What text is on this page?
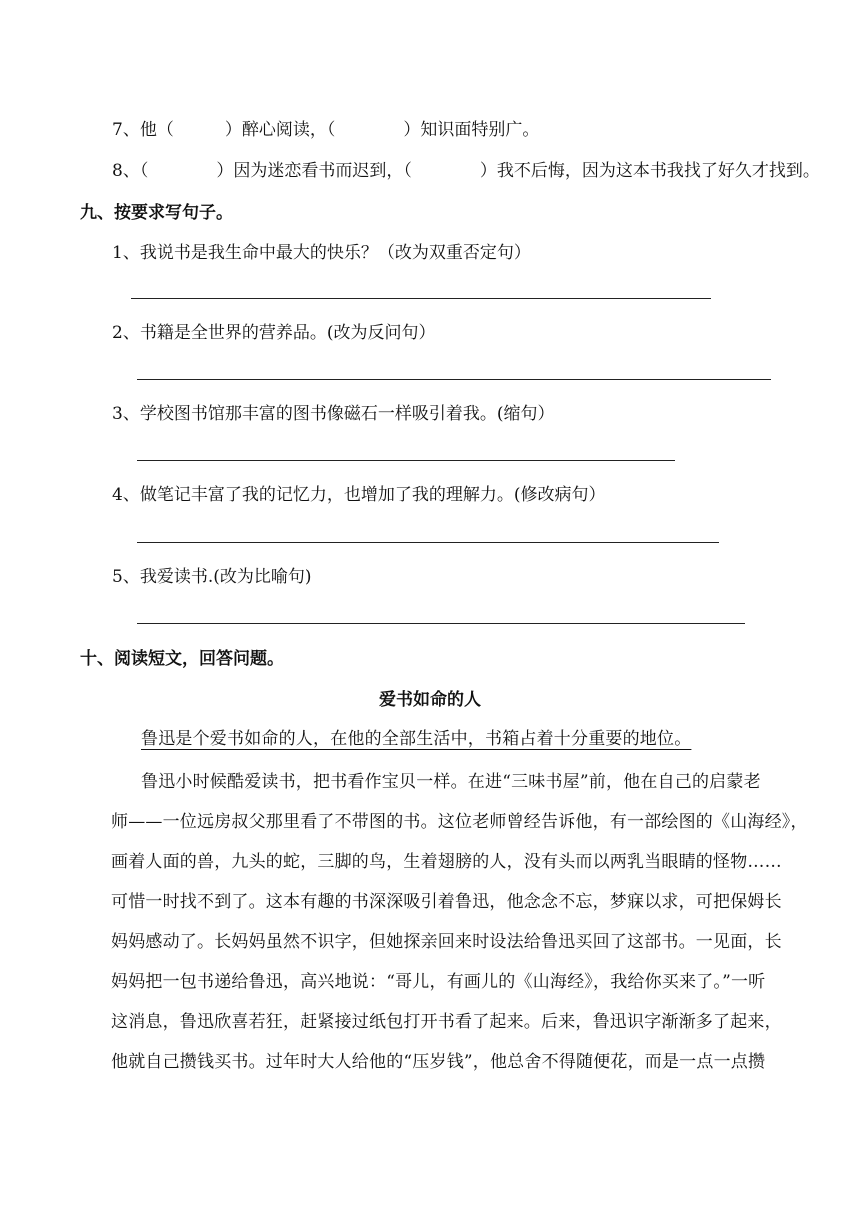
7、他（　　　）醉心阅读，（　　　　）知识面特别广。
8、（　　　　）因为迷恋看书而迟到，（　　　　）我不后悔，因为这本书我找了好久才找到。
九、按要求写句子。
1、我说书是我生命中最大的快乐？（改为双重否定句）
2、书籍是全世界的营养品。(改为反问句）
3、学校图书馆那丰富的图书像磁石一样吸引着我。(缩句）
4、做笔记丰富了我的记忆力，也增加了我的理解力。(修改病句）
5、我爱读书.(改为比喻句)
十、阅读短文，回答问题。
爱书如命的人
鲁迅是个爱书如命的人，在他的全部生活中，书箱占着十分重要的地位。
鲁迅小时候酷爱读书，把书看作宝贝一样。在进“三味书屋”前，他在自己的启蒙老
师——一位远房叔父那里看了不带图的书。这位老师曾经告诉他，有一部绘图的《山海经》，
画着人面的兽，九头的蛇，三脚的鸟，生着翅膀的人，没有头而以两乳当眼睛的怪物……
可惜一时找不到了。这本有趣的书深深吸引着鲁迅，他念念不忘，梦寐以求，可把保姆长
妈妈感动了。长妈妈虽然不识字，但她探亲回来时设法给鲁迅买回了这部书。一见面，长
妈妈把一包书递给鲁迅，高兴地说：“哥儿，有画儿的《山海经》，我给你买来了。”一听
这消息，鲁迅欣喜若狂，赶紧接过纸包打开书看了起来。后来，鲁迅识字渐渐多了起来，
他就自己攒钱买书。过年时大人给他的“压岁钱”，他总舍不得随便花，而是一点一点攒
